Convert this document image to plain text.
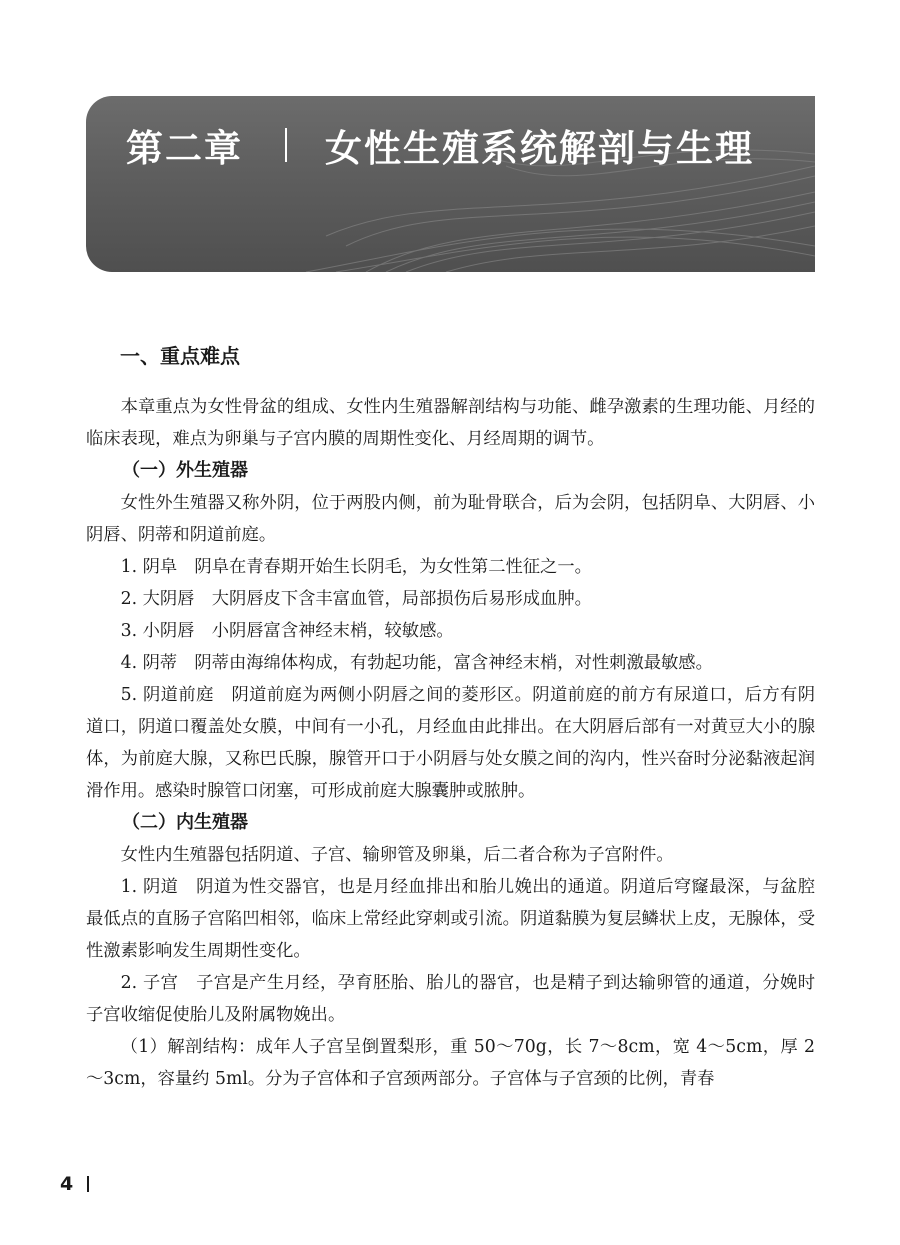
第二章 女性生殖系统解剖与生理
一、重点难点

本章重点为女性骨盆的组成、女性内生殖器解剖结构与功能、雌孕激素的生理功能、月经的临床表现，难点为卵巢与子宫内膜的周期性变化、月经周期的调节。

（一）外生殖器

女性外生殖器又称外阴，位于两股内侧，前为耻骨联合，后为会阴，包括阴阜、大阴唇、小阴唇、阴蒂和阴道前庭。

1. 阴阜　阴阜在青春期开始生长阴毛，为女性第二性征之一。

2. 大阴唇　大阴唇皮下含丰富血管，局部损伤后易形成血肿。

3. 小阴唇　小阴唇富含神经末梢，较敏感。

4. 阴蒂　阴蒂由海绵体构成，有勃起功能，富含神经末梢，对性刺激最敏感。

5. 阴道前庭　阴道前庭为两侧小阴唇之间的菱形区。阴道前庭的前方有尿道口，后方有阴道口，阴道口覆盖处女膜，中间有一小孔，月经血由此排出。在大阴唇后部有一对黄豆大小的腺体，为前庭大腺，又称巴氏腺，腺管开口于小阴唇与处女膜之间的沟内，性兴奋时分泌黏液起润滑作用。感染时腺管口闭塞，可形成前庭大腺囊肿或脓肿。

（二）内生殖器

女性内生殖器包括阴道、子宫、输卵管及卵巢，后二者合称为子宫附件。

1. 阴道　阴道为性交器官，也是月经血排出和胎儿娩出的通道。阴道后穹窿最深，与盆腔最低点的直肠子宫陷凹相邻，临床上常经此穿刺或引流。阴道黏膜为复层鳞状上皮，无腺体，受性激素影响发生周期性变化。

2. 子宫　子宫是产生月经，孕育胚胎、胎儿的器官，也是精子到达输卵管的通道，分娩时子宫收缩促使胎儿及附属物娩出。

（1）解剖结构：成年人子宫呈倒置梨形，重 50～70g，长 7～8cm，宽 4～5cm，厚 2～3cm，容量约 5ml。分为子宫体和子宫颈两部分。子宫体与子宫颈的比例，青春

4
